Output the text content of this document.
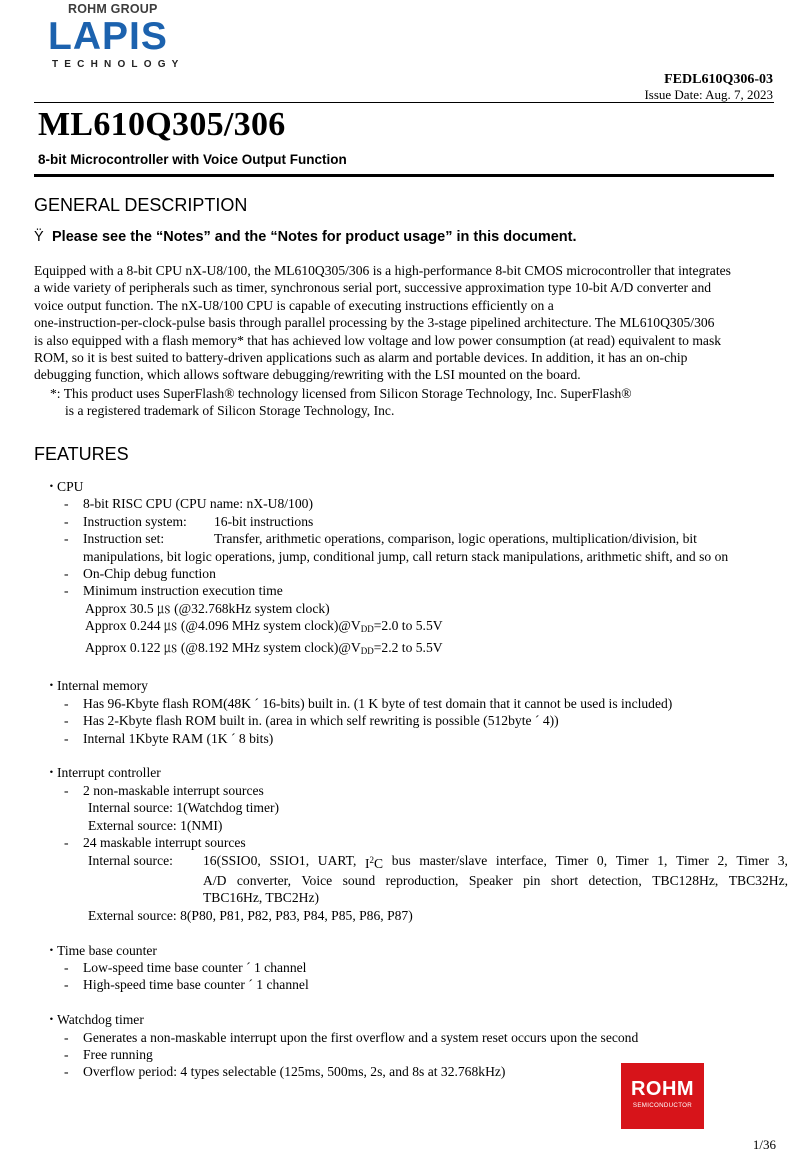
ROHM GROUP
LAPIS
TECHNOLOGY
FEDL610Q306-03
Issue Date: Aug. 7, 2023
ML610Q305/306
8-bit Microcontroller with Voice Output Function
GENERAL DESCRIPTION
Ÿ Please see the “Notes” and the “Notes for product usage” in this document.
Equipped with a 8-bit CPU nX-U8/100, the ML610Q305/306 is a high-performance 8-bit CMOS microcontroller that integrates
a wide variety of peripherals such as timer, synchronous serial port, successive approximation type 10-bit A/D converter and
voice output function. The nX-U8/100 CPU is capable of executing instructions efficiently on a
one-instruction-per-clock-pulse basis through parallel processing by the 3-stage pipelined architecture. The ML610Q305/306
is also equipped with a flash memory* that has achieved low voltage and low power consumption (at read) equivalent to mask
ROM, so it is best suited to battery-driven applications such as alarm and portable devices. In addition, it has an on-chip
debugging function, which allows software debugging/rewriting with the LSI mounted on the board.
*: This product uses SuperFlash® technology licensed from Silicon Storage Technology, Inc. SuperFlash®
is a registered trademark of Silicon Storage Technology, Inc.
FEATURES
･ CPU
- 8-bit RISC CPU (CPU name: nX-U8/100)
- Instruction system: 16-bit instructions
- Instruction set:	Transfer, arithmetic operations, comparison, logic operations, multiplication/division, bit
manipulations, bit logic operations, jump, conditional jump, call return stack manipulations, arithmetic shift, and so on
- On-Chip debug function
- Minimum instruction execution time
Approx 30.5 ㎲ (@32.768kHz system clock)
Approx 0.244 ㎲ (@4.096 MHz system $clock)@V_{DD}=2.0$ to 5.5V
Approx 0.122 ㎲ (@8.192 MHz system $clock)@V_{DD}=2.2$ to 5.5V
･ Internal memory
- Has 96-Kbyte flash ROM(48K ´ 16-bits) built in. (1 K byte of test domain that it cannot be used is included)
- Has 2-Kbyte flash ROM built in. (area in which self rewriting is possible (512byte ´ 4))
- Internal 1Kbyte RAM (1K ´ 8 bits)
･ Interrupt controller
- 2 non-maskable interrupt sources
Internal source: 1(Watchdog timer)
External source: 1(NMI)
- 24 maskable interrupt sources
Internal source:	16(SSIO0, SSIO1, UART, $I^2C$ bus master/slave interface, Timer 0, Timer 1, Timer 2, Timer 3,
A/D converter, Voice sound reproduction, Speaker pin short detection, TBC128Hz, TBC32Hz,
TBC16Hz, TBC2Hz)
External source: 8(P80, P81, P82, P83, P84, P85, P86, P87)
･ Time base counter
- Low-speed time base counter ´ 1 channel
- High-speed time base counter ´ 1 channel
･ Watchdog timer
- Generates a non-maskable interrupt upon the first overflow and a system reset occurs upon the second
- Free running
- Overflow period: 4 types selectable (125ms, 500ms, 2s, and 8s at 32.768kHz)
ROHM
SEMICONDUCTOR
1/36
